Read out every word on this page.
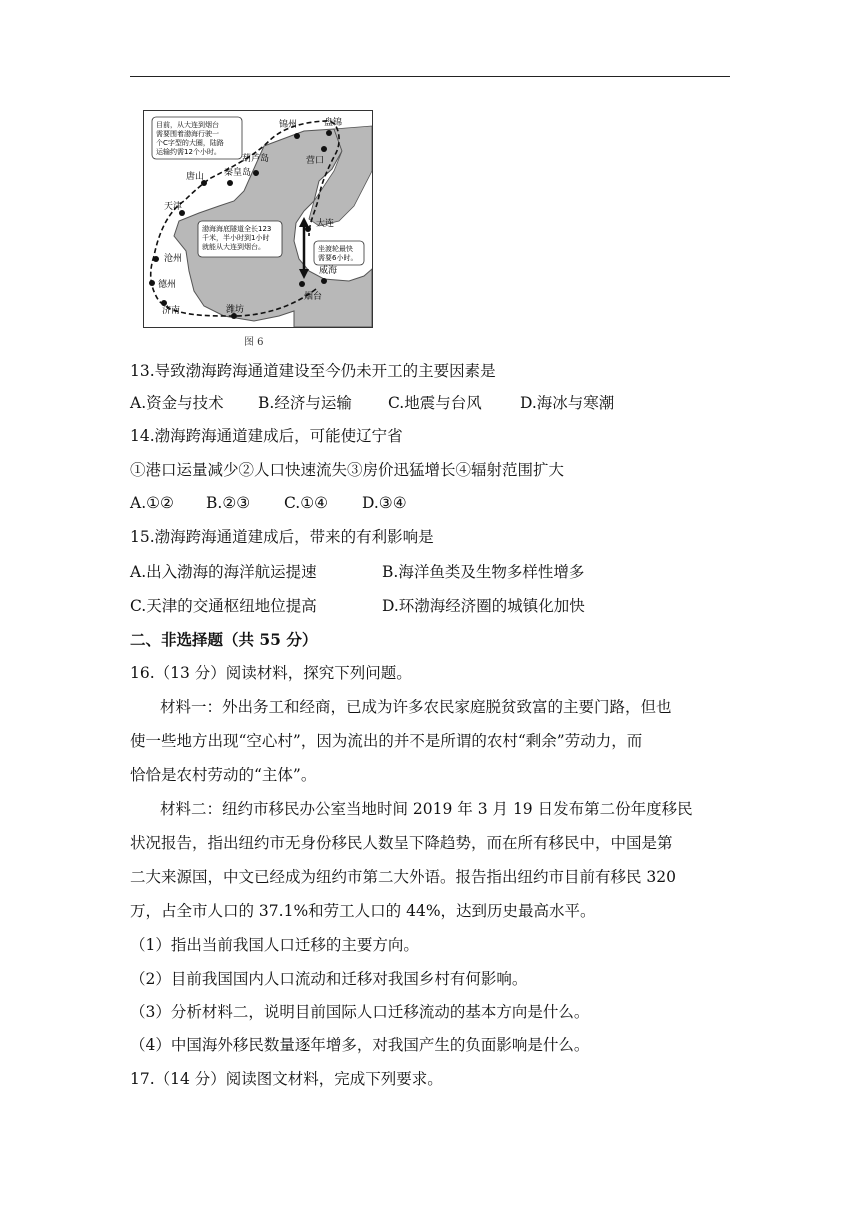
锦州	盘锦
葫芦岛
秦皇岛
营口
唐山
天津
大连
沧州
德州
威海
济南	潍坊
烟台
目前，从大连到烟台 需要围着渤海行驶一 个C字型的大圈，陆路 运输约需12个小时。
渤海海底隧道全长123 千米，半小时到1小时 就能从大连到烟台。	坐渡轮最快 需要6小时。
图 6
13.导致渤海跨海通道建设至今仍未开工的主要因素是
A.资金与技术 B.经济与运输 C.地震与台风 D.海冰与寒潮
14.渤海跨海通道建成后，可能使辽宁省
①港口运量减少②人口快速流失③房价迅猛增长④辐射范围扩大
A.①② B.②③ C.①④ D.③④
15.渤海跨海通道建成后，带来的有利影响是
A.出入渤海的海洋航运提速	B.海洋鱼类及生物多样性增多
C.天津的交通枢纽地位提高	D.环渤海经济圈的城镇化加快
二、非选择题（共 55 分）
16.（13 分）阅读材料，探究下列问题。
材料一：外出务工和经商，已成为许多农民家庭脱贫致富的主要门路，但也
使一些地方出现“空心村”，因为流出的并不是所谓的农村“剩余”劳动力，而
恰恰是农村劳动的“主体”。
材料二：纽约市移民办公室当地时间 2019 年 3 月 19 日发布第二份年度移民
状况报告，指出纽约市无身份移民人数呈下降趋势，而在所有移民中，中国是第
二大来源国，中文已经成为纽约市第二大外语。报告指出纽约市目前有移民 320
万，占全市人口的 37.1%和劳工人口的 44%，达到历史最高水平。
（1）指出当前我国人口迁移的主要方向。
（2）目前我国国内人口流动和迁移对我国乡村有何影响。
（3）分析材料二，说明目前国际人口迁移流动的基本方向是什么。
（4）中国海外移民数量逐年增多，对我国产生的负面影响是什么。
17.（14 分）阅读图文材料，完成下列要求。
